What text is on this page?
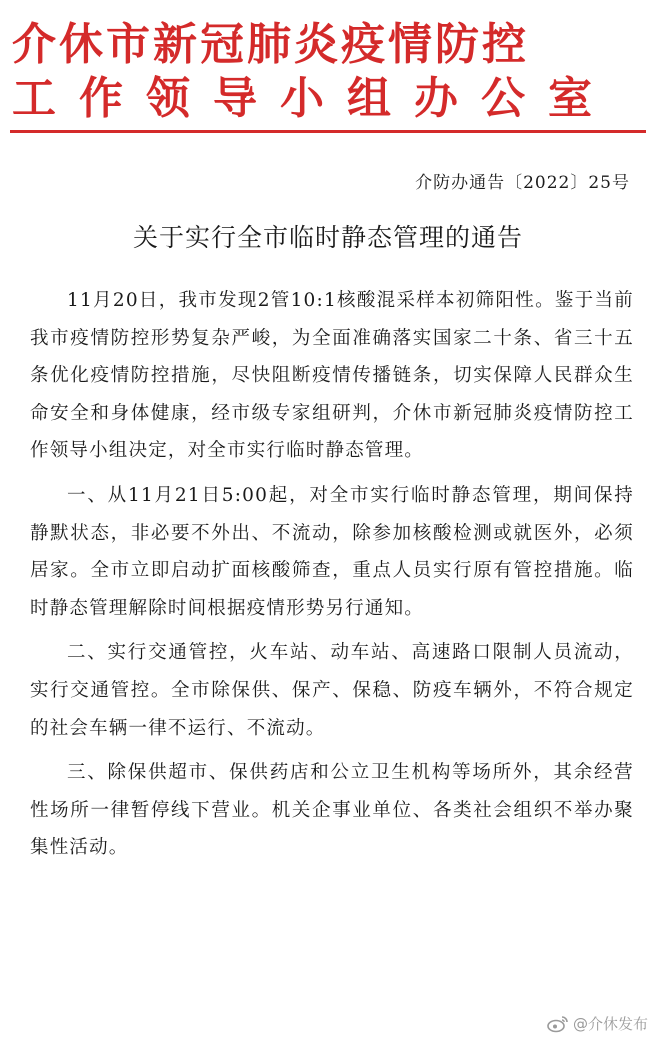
介休市新冠肺炎疫情防控
工作领导小组办公室
介防办通告〔2022〕25号
关于实行全市临时静态管理的通告

11月20日，我市发现2管10:1核酸混采样本初筛阳性。鉴于当前我市疫情防控形势复杂严峻，为全面准确落实国家二十条、省三十五条优化疫情防控措施，尽快阻断疫情传播链条，切实保障人民群众生命安全和身体健康，经市级专家组研判，介休市新冠肺炎疫情防控工作领导小组决定，对全市实行临时静态管理。

一、从11月21日5:00起，对全市实行临时静态管理，期间保持静默状态，非必要不外出、不流动，除参加核酸检测或就医外，必须居家。全市立即启动扩面核酸筛查，重点人员实行原有管控措施。临时静态管理解除时间根据疫情形势另行通知。

二、实行交通管控，火车站、动车站、高速路口限制人员流动，实行交通管控。全市除保供、保产、保稳、防疫车辆外，不符合规定的社会车辆一律不运行、不流动。

三、除保供超市、保供药店和公立卫生机构等场所外，其余经营性场所一律暂停线下营业。机关企事业单位、各类社会组织不举办聚集性活动。

@介休发布
